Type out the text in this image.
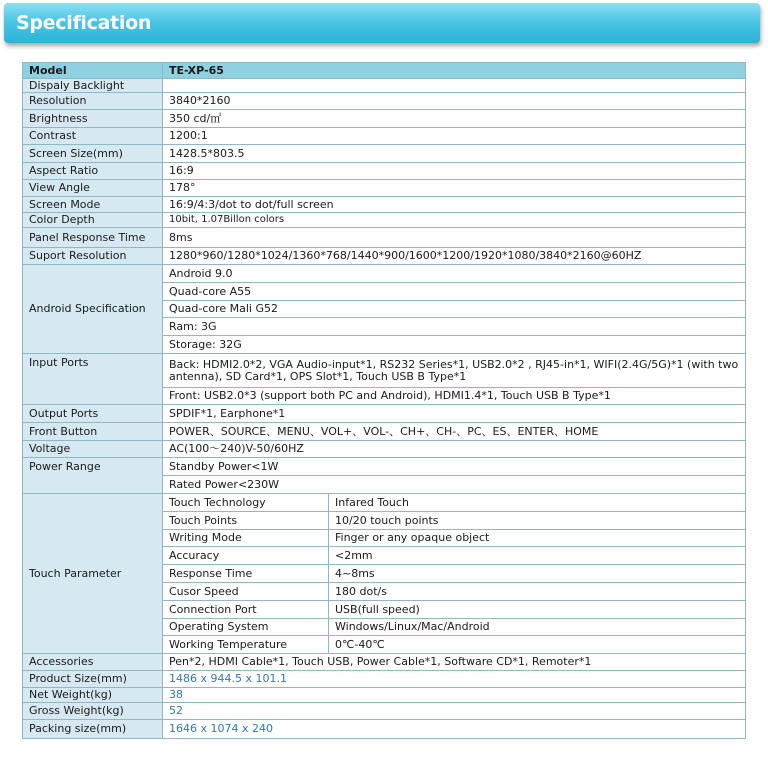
Specification
Model	TE-XP-65	
Dispaly Backlight		
Resolution	3840*2160	
Brightness	350 cd/㎡	
Contrast	1200:1	
Screen Size(mm)	1428.5*803.5	
Aspect Ratio	16:9	
View Angle	178°	
Screen Mode	16:9/4:3/dot to dot/full screen	
Color Depth	10bit, 1.07Billon colors	
Panel Response Time	8ms	
Suport Resolution	1280*960/1280*1024/1360*768/1440*900/1600*1200/1920*1080/3840*2160@60HZ	
Android Specification	Android 9.0	
	Quad-core A55	
	Quad-core Mali G52	
	Ram: 3G	
	Storage: 32G	
Input Ports	Back: HDMI2.0*2, VGA Audio-input*1, RS232 Series*1, USB2.0*2 , RJ45-in*1, WIFI(2.4G/5G)*1 (with two antenna), SD Card*1, OPS Slot*1, Touch USB B Type*1	
	Front: USB2.0*3 (support both PC and Android), HDMI1.4*1, Touch USB B Type*1	
Output Ports	SPDIF*1, Earphone*1	
Front Button	POWER、SOURCE、MENU、VOL+、VOL-、CH+、CH-、PC、ES、ENTER、HOME	
Voltage	AC(100～240)V-50/60HZ	
Power Range	Standby Power<1W	
	Rated Power<230W	
Touch Parameter	Touch Technology	Infared Touch
	Touch Points	10/20 touch points
	Writing Mode	Finger or any opaque object
	Accuracy	<2mm
	Response Time	4~8ms
	Cusor Speed	180 dot/s
	Connection Port	USB(full speed)
	Operating System	Windows/Linux/Mac/Android
	Working Temperature	0℃-40℃
Accessories	Pen*2, HDMI Cable*1, Touch USB, Power Cable*1, Software CD*1, Remoter*1	
Product Size(mm)	1486 x 944.5 x 101.1	
Net Weight(kg)	38	
Gross Weight(kg)	52	
Packing size(mm)	1646 x 1074 x 240	
